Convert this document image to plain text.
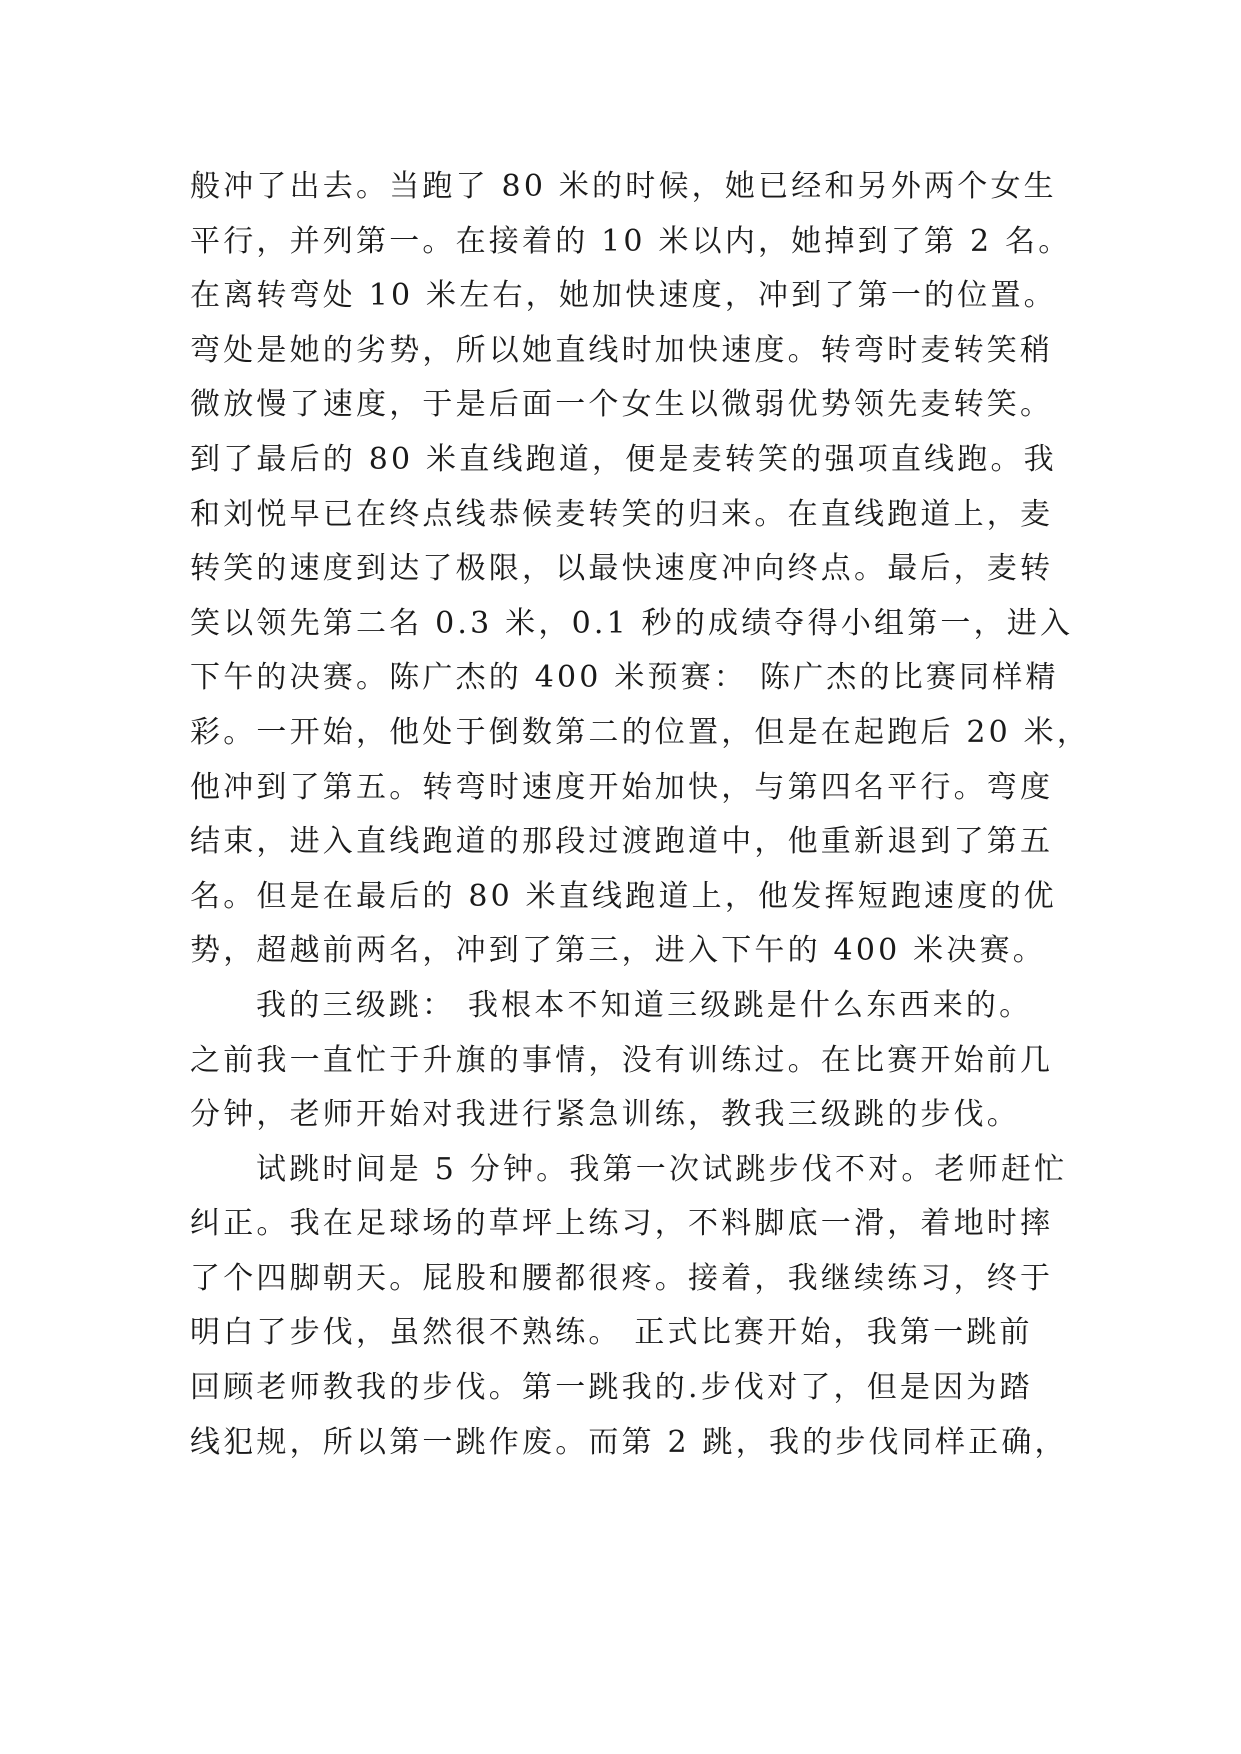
般冲了出去。当跑了 80 米的时候，她已经和另外两个女生
平行，并列第一。在接着的 10 米以内，她掉到了第 2 名。
在离转弯处 10 米左右，她加快速度，冲到了第一的位置。
弯处是她的劣势，所以她直线时加快速度。转弯时麦转笑稍
微放慢了速度，于是后面一个女生以微弱优势领先麦转笑。
到了最后的 80 米直线跑道，便是麦转笑的强项直线跑。我
和刘悦早已在终点线恭候麦转笑的归来。在直线跑道上，麦
转笑的速度到达了极限，以最快速度冲向终点。最后，麦转
笑以领先第二名 0.3 米，0.1 秒的成绩夺得小组第一，进入
下午的决赛。陈广杰的 400 米预赛： 陈广杰的比赛同样精
彩。一开始，他处于倒数第二的位置，但是在起跑后 20 米，
他冲到了第五。转弯时速度开始加快，与第四名平行。弯度
结束，进入直线跑道的那段过渡跑道中，他重新退到了第五
名。但是在最后的 80 米直线跑道上，他发挥短跑速度的优
势，超越前两名，冲到了第三，进入下午的 400 米决赛。
我的三级跳： 我根本不知道三级跳是什么东西来的。
之前我一直忙于升旗的事情，没有训练过。在比赛开始前几
分钟，老师开始对我进行紧急训练，教我三级跳的步伐。
试跳时间是 5 分钟。我第一次试跳步伐不对。老师赶忙
纠正。我在足球场的草坪上练习，不料脚底一滑，着地时摔
了个四脚朝天。屁股和腰都很疼。接着，我继续练习，终于
明白了步伐，虽然很不熟练。 正式比赛开始，我第一跳前
回顾老师教我的步伐。第一跳我的.步伐对了，但是因为踏
线犯规，所以第一跳作废。而第 2 跳，我的步伐同样正确，
